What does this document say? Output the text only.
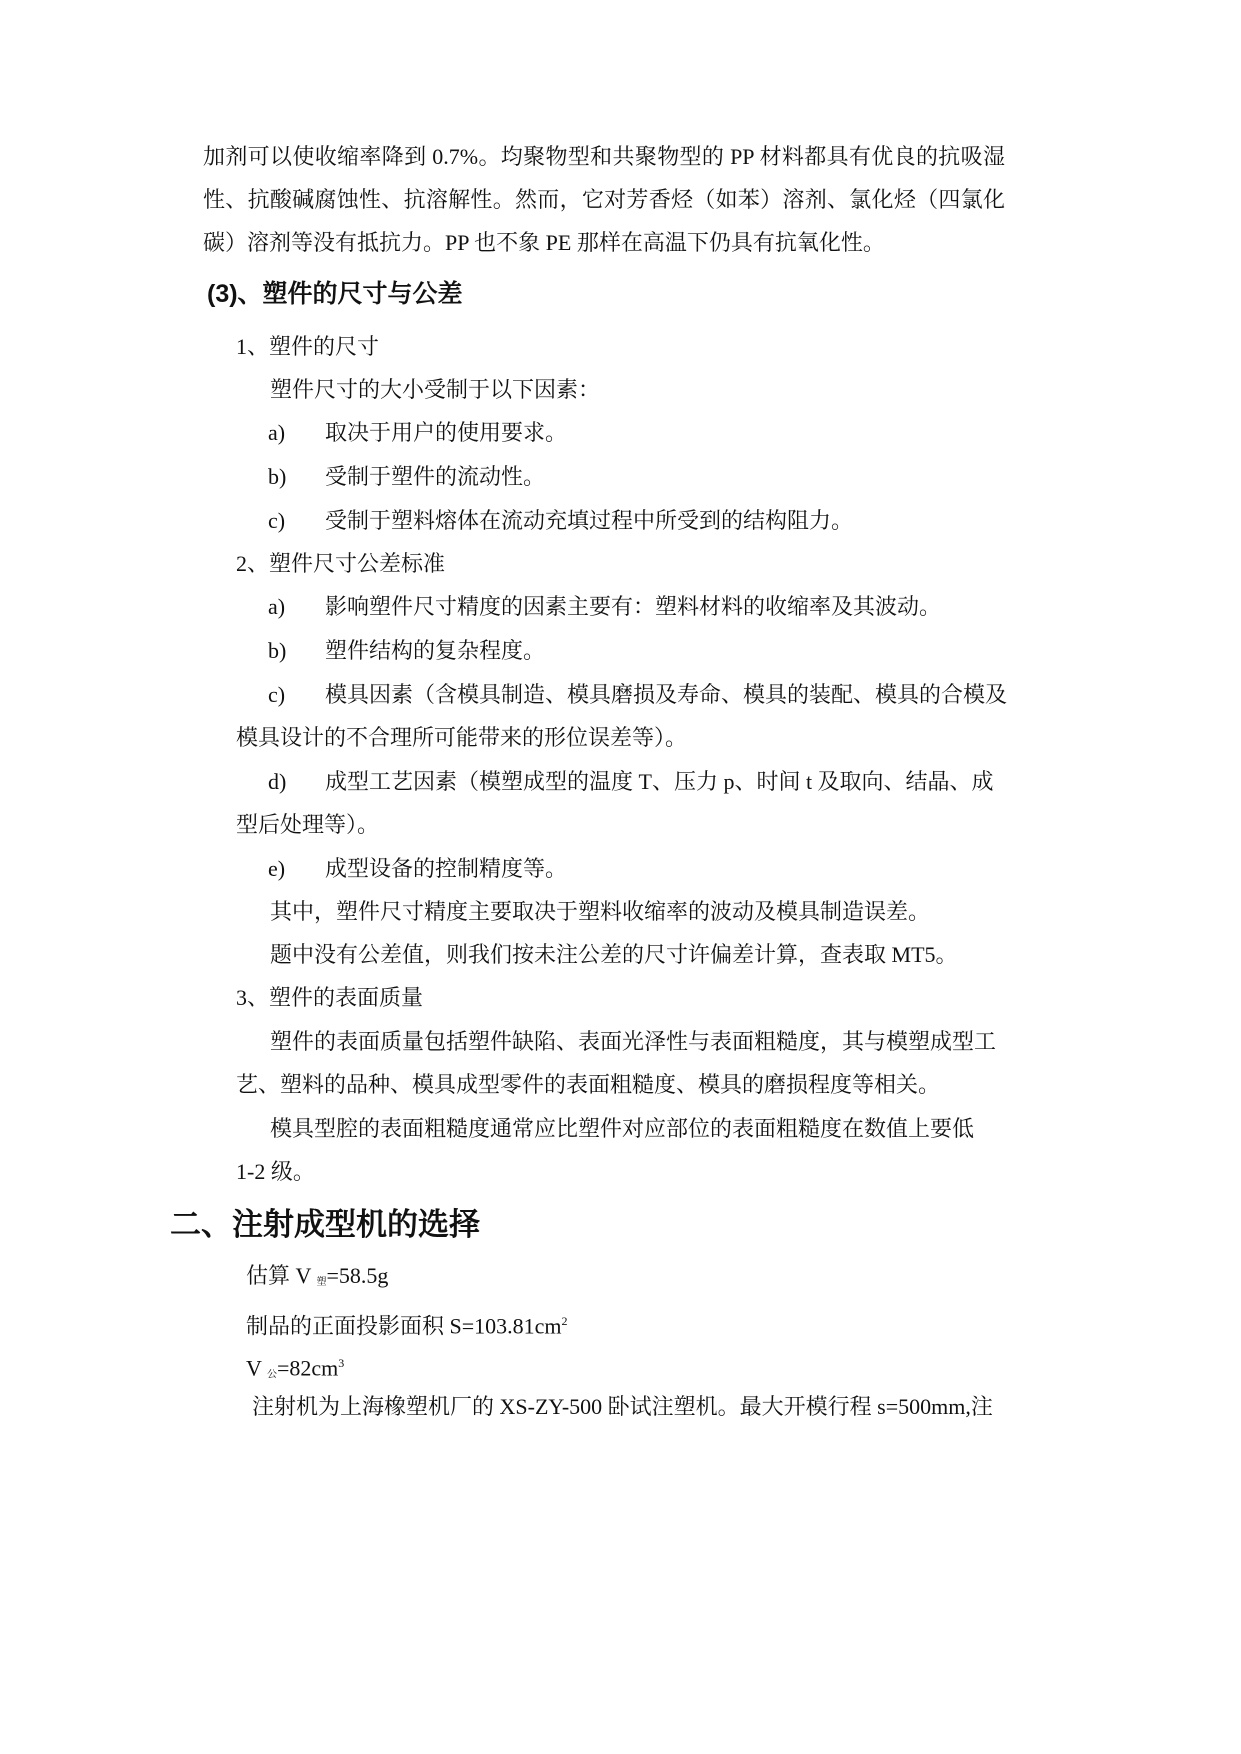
加剂可以使收缩率降到 0.7%。均聚物型和共聚物型的 PP 材料都具有优良的抗吸湿
性、抗酸碱腐蚀性、抗溶解性。然而，它对芳香烃（如苯）溶剂、氯化烃（四氯化
碳）溶剂等没有抵抗力。PP 也不象 PE 那样在高温下仍具有抗氧化性。
(3)、塑件的尺寸与公差
1、塑件的尺寸
塑件尺寸的大小受制于以下因素：
a) 取决于用户的使用要求。
b) 受制于塑件的流动性。
c) 受制于塑料熔体在流动充填过程中所受到的结构阻力。
2、塑件尺寸公差标准
a) 影响塑件尺寸精度的因素主要有：塑料材料的收缩率及其波动。
b) 塑件结构的复杂程度。
c) 模具因素（含模具制造、模具磨损及寿命、模具的装配、模具的合模及
模具设计的不合理所可能带来的形位误差等）。
d) 成型工艺因素（模塑成型的温度 T、压力 p、时间 t 及取向、结晶、成
型后处理等）。
e) 成型设备的控制精度等。
其中，塑件尺寸精度主要取决于塑料收缩率的波动及模具制造误差。
题中没有公差值，则我们按未注公差的尺寸许偏差计算，查表取 MT5。
3、塑件的表面质量
塑件的表面质量包括塑件缺陷、表面光泽性与表面粗糙度，其与模塑成型工
艺、塑料的品种、模具成型零件的表面粗糙度、模具的磨损程度等相关。
模具型腔的表面粗糙度通常应比塑件对应部位的表面粗糙度在数值上要低
1-2 级。
二、注射成型机的选择
估算 V $_塑$=58.5g
制品的正面投影面积 $S=103.81cm^2$
V $_公=82cm^3$
注射机为上海橡塑机厂的 XS-ZY-500 卧试注塑机。最大开模行程 s=500mm,注
